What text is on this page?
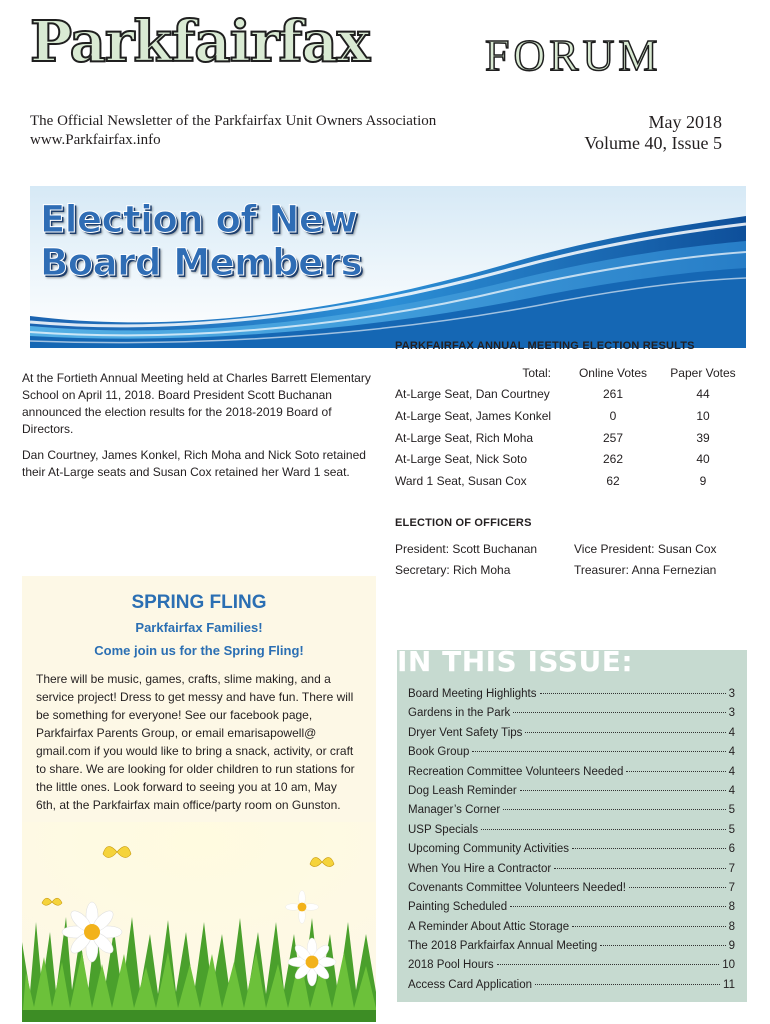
Parkfairfax	FORUM
The Official Newsletter of the Parkfairfax Unit Owners Association
www.Parkfairfax.info
May 2018
Volume 40, Issue 5
Election of New
Board Members

At the Fortieth Annual Meeting held at Charles Barrett Elementary School on April 11, 2018. Board President Scott Buchanan announced the election results for the 2018-2019 Board of Directors.

Dan Courtney, James Konkel, Rich Moha and Nick Soto retained their At-Large seats and Susan Cox retained her Ward 1 seat.

PARKFAIRFAX ANNUAL MEETING ELECTION RESULTS
Total:	Online Votes	Paper Votes
At-Large Seat, Dan Courtney	261	44
At-Large Seat, James Konkel	0	10
At-Large Seat, Rich Moha	257	39
At-Large Seat, Nick Soto	262	40
Ward 1 Seat, Susan Cox	62	9
ELECTION OF OFFICERS
President: Scott Buchanan	Vice President: Susan Cox
Secretary: Rich Moha	Treasurer: Anna Fernezian
SPRING FLING
Parkfairfax Families!
Come join us for the Spring Fling!
There will be music, games, crafts, slime making, and a service project! Dress to get messy and have fun. There will be something for everyone! See our facebook page, Parkfairfax Parents Group, or email emarisapowell@ gmail.com if you would like to bring a snack, activity, or craft to share. We are looking for older children to run stations for the little ones. Look forward to seeing you at 10 am, May 6th, at the Parkfairfax main office/party room on Gunston.
IN THIS ISSUE:
Board Meeting Highlights	3
Gardens in the Park	3
Dryer Vent Safety Tips	4
Book Group	4
Recreation Committee Volunteers Needed	4
Dog Leash Reminder	4
Manager’s Corner	5
USP Specials	5
Upcoming Community Activities	6
When You Hire a Contractor	7
Covenants Committee Volunteers Needed!	7
Painting Scheduled	8
A Reminder About Attic Storage	8
The 2018 Parkfairfax Annual Meeting	9
2018 Pool Hours	10
Access Card Application	11
